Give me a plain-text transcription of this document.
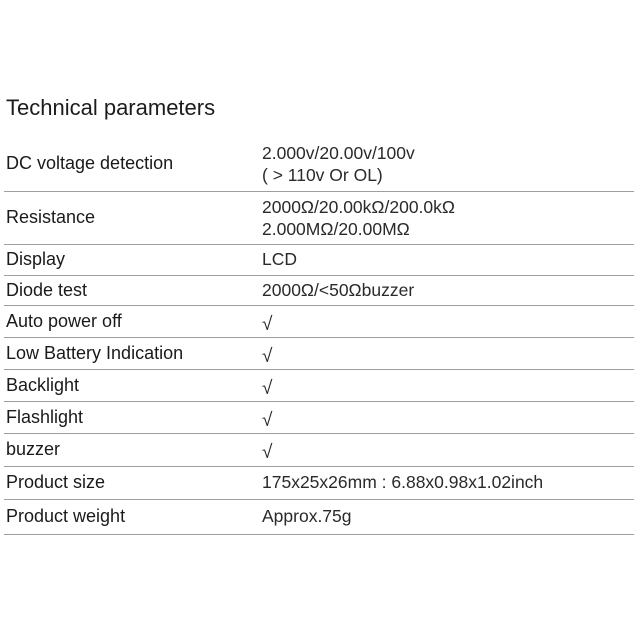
Technical parameters
DC voltage detection	2.000v/20.00v/100v
( > 110v Or OL)

Resistance	2000Ω/20.00kΩ/200.0kΩ
2.000MΩ/20.00MΩ

Display	LCD
Diode test	2000Ω/<50Ωbuzzer
Auto power off	√
Low Battery Indication	√
Backlight	√
Flashlight	√
buzzer	√
Product size	175x25x26mm : 6.88x0.98x1.02inch
Product weight	Approx.75g
